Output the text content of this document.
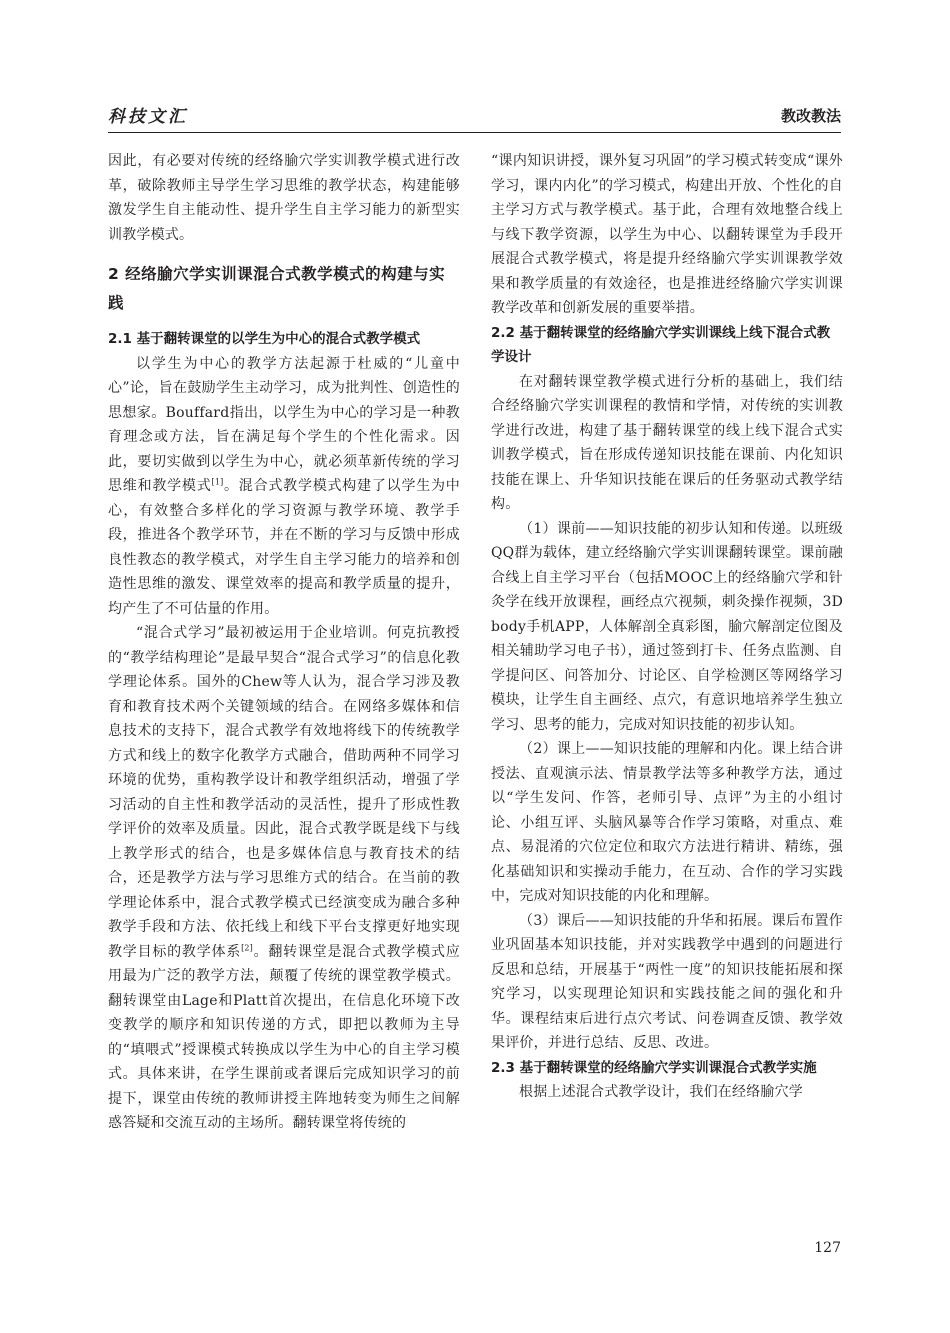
科技文汇	教改教法

因此，有必要对传统的经络腧穴学实训教学模式进行改革，破除教师主导学生学习思维的教学状态，构建能够激发学生自主能动性、提升学生自主学习能力的新型实训教学模式。

2 经络腧穴学实训课混合式教学模式的构建与实践
2.1 基于翻转课堂的以学生为中心的混合式教学模式

以学生为中心的教学方法起源于杜威的“儿童中心”论，旨在鼓励学生主动学习，成为批判性、创造性的思想家。Bouffard指出，以学生为中心的学习是一种教育理念或方法，旨在满足每个学生的个性化需求。因此，要切实做到以学生为中心，就必须革新传统的学习思维和教学模式[1]。混合式教学模式构建了以学生为中心，有效整合多样化的学习资源与教学环境、教学手段，推进各个教学环节，并在不断的学习与反馈中形成良性教态的教学模式，对学生自主学习能力的培养和创造性思维的激发、课堂效率的提高和教学质量的提升，均产生了不可估量的作用。

“混合式学习”最初被运用于企业培训。何克抗教授的“教学结构理论”是最早契合“混合式学习”的信息化教学理论体系。国外的Chew等人认为，混合学习涉及教育和教育技术两个关键领域的结合。在网络多媒体和信息技术的支持下，混合式教学有效地将线下的传统教学方式和线上的数字化教学方式融合，借助两种不同学习环境的优势，重构教学设计和教学组织活动，增强了学习活动的自主性和教学活动的灵活性，提升了形成性教学评价的效率及质量。因此，混合式教学既是线下与线上教学形式的结合，也是多媒体信息与教育技术的结合，还是教学方法与学习思维方式的结合。在当前的教学理论体系中，混合式教学模式已经演变成为融合多种教学手段和方法、依托线上和线下平台支撑更好地实现教学目标的教学体系[2]。翻转课堂是混合式教学模式应用最为广泛的教学方法，颠覆了传统的课堂教学模式。翻转课堂由Lage和Platt首次提出，在信息化环境下改变教学的顺序和知识传递的方式，即把以教师为主导的“填喂式”授课模式转换成以学生为中心的自主学习模式。具体来讲，在学生课前或者课后完成知识学习的前提下，课堂由传统的教师讲授主阵地转变为师生之间解惑答疑和交流互动的主场所。翻转课堂将传统的

“课内知识讲授，课外复习巩固”的学习模式转变成“课外学习，课内内化”的学习模式，构建出开放、个性化的自主学习方式与教学模式。基于此，合理有效地整合线上与线下教学资源，以学生为中心、以翻转课堂为手段开展混合式教学模式，将是提升经络腧穴学实训课教学效果和教学质量的有效途径，也是推进经络腧穴学实训课教学改革和创新发展的重要举措。

2.2 基于翻转课堂的经络腧穴学实训课线上线下混合式教学设计

在对翻转课堂教学模式进行分析的基础上，我们结合经络腧穴学实训课程的教情和学情，对传统的实训教学进行改进，构建了基于翻转课堂的线上线下混合式实训教学模式，旨在形成传递知识技能在课前、内化知识技能在课上、升华知识技能在课后的任务驱动式教学结构。

（1）课前——知识技能的初步认知和传递。以班级QQ群为载体，建立经络腧穴学实训课翻转课堂。课前融合线上自主学习平台（包括MOOC上的经络腧穴学和针灸学在线开放课程，画经点穴视频，刺灸操作视频，3D body手机APP，人体解剖全真彩图，腧穴解剖定位图及相关辅助学习电子书），通过签到打卡、任务点监测、自学提问区、问答加分、讨论区、自学检测区等网络学习模块，让学生自主画经、点穴，有意识地培养学生独立学习、思考的能力，完成对知识技能的初步认知。

（2）课上——知识技能的理解和内化。课上结合讲授法、直观演示法、情景教学法等多种教学方法，通过以“学生发问、作答，老师引导、点评”为主的小组讨论、小组互评、头脑风暴等合作学习策略，对重点、难点、易混淆的穴位定位和取穴方法进行精讲、精练，强化基础知识和实操动手能力，在互动、合作的学习实践中，完成对知识技能的内化和理解。

（3）课后——知识技能的升华和拓展。课后布置作业巩固基本知识技能，并对实践教学中遇到的问题进行反思和总结，开展基于“两性一度”的知识技能拓展和探究学习，以实现理论知识和实践技能之间的强化和升华。课程结束后进行点穴考试、问卷调查反馈、教学效果评价，并进行总结、反思、改进。

2.3 基于翻转课堂的经络腧穴学实训课混合式教学实施

根据上述混合式教学设计，我们在经络腧穴学

127
